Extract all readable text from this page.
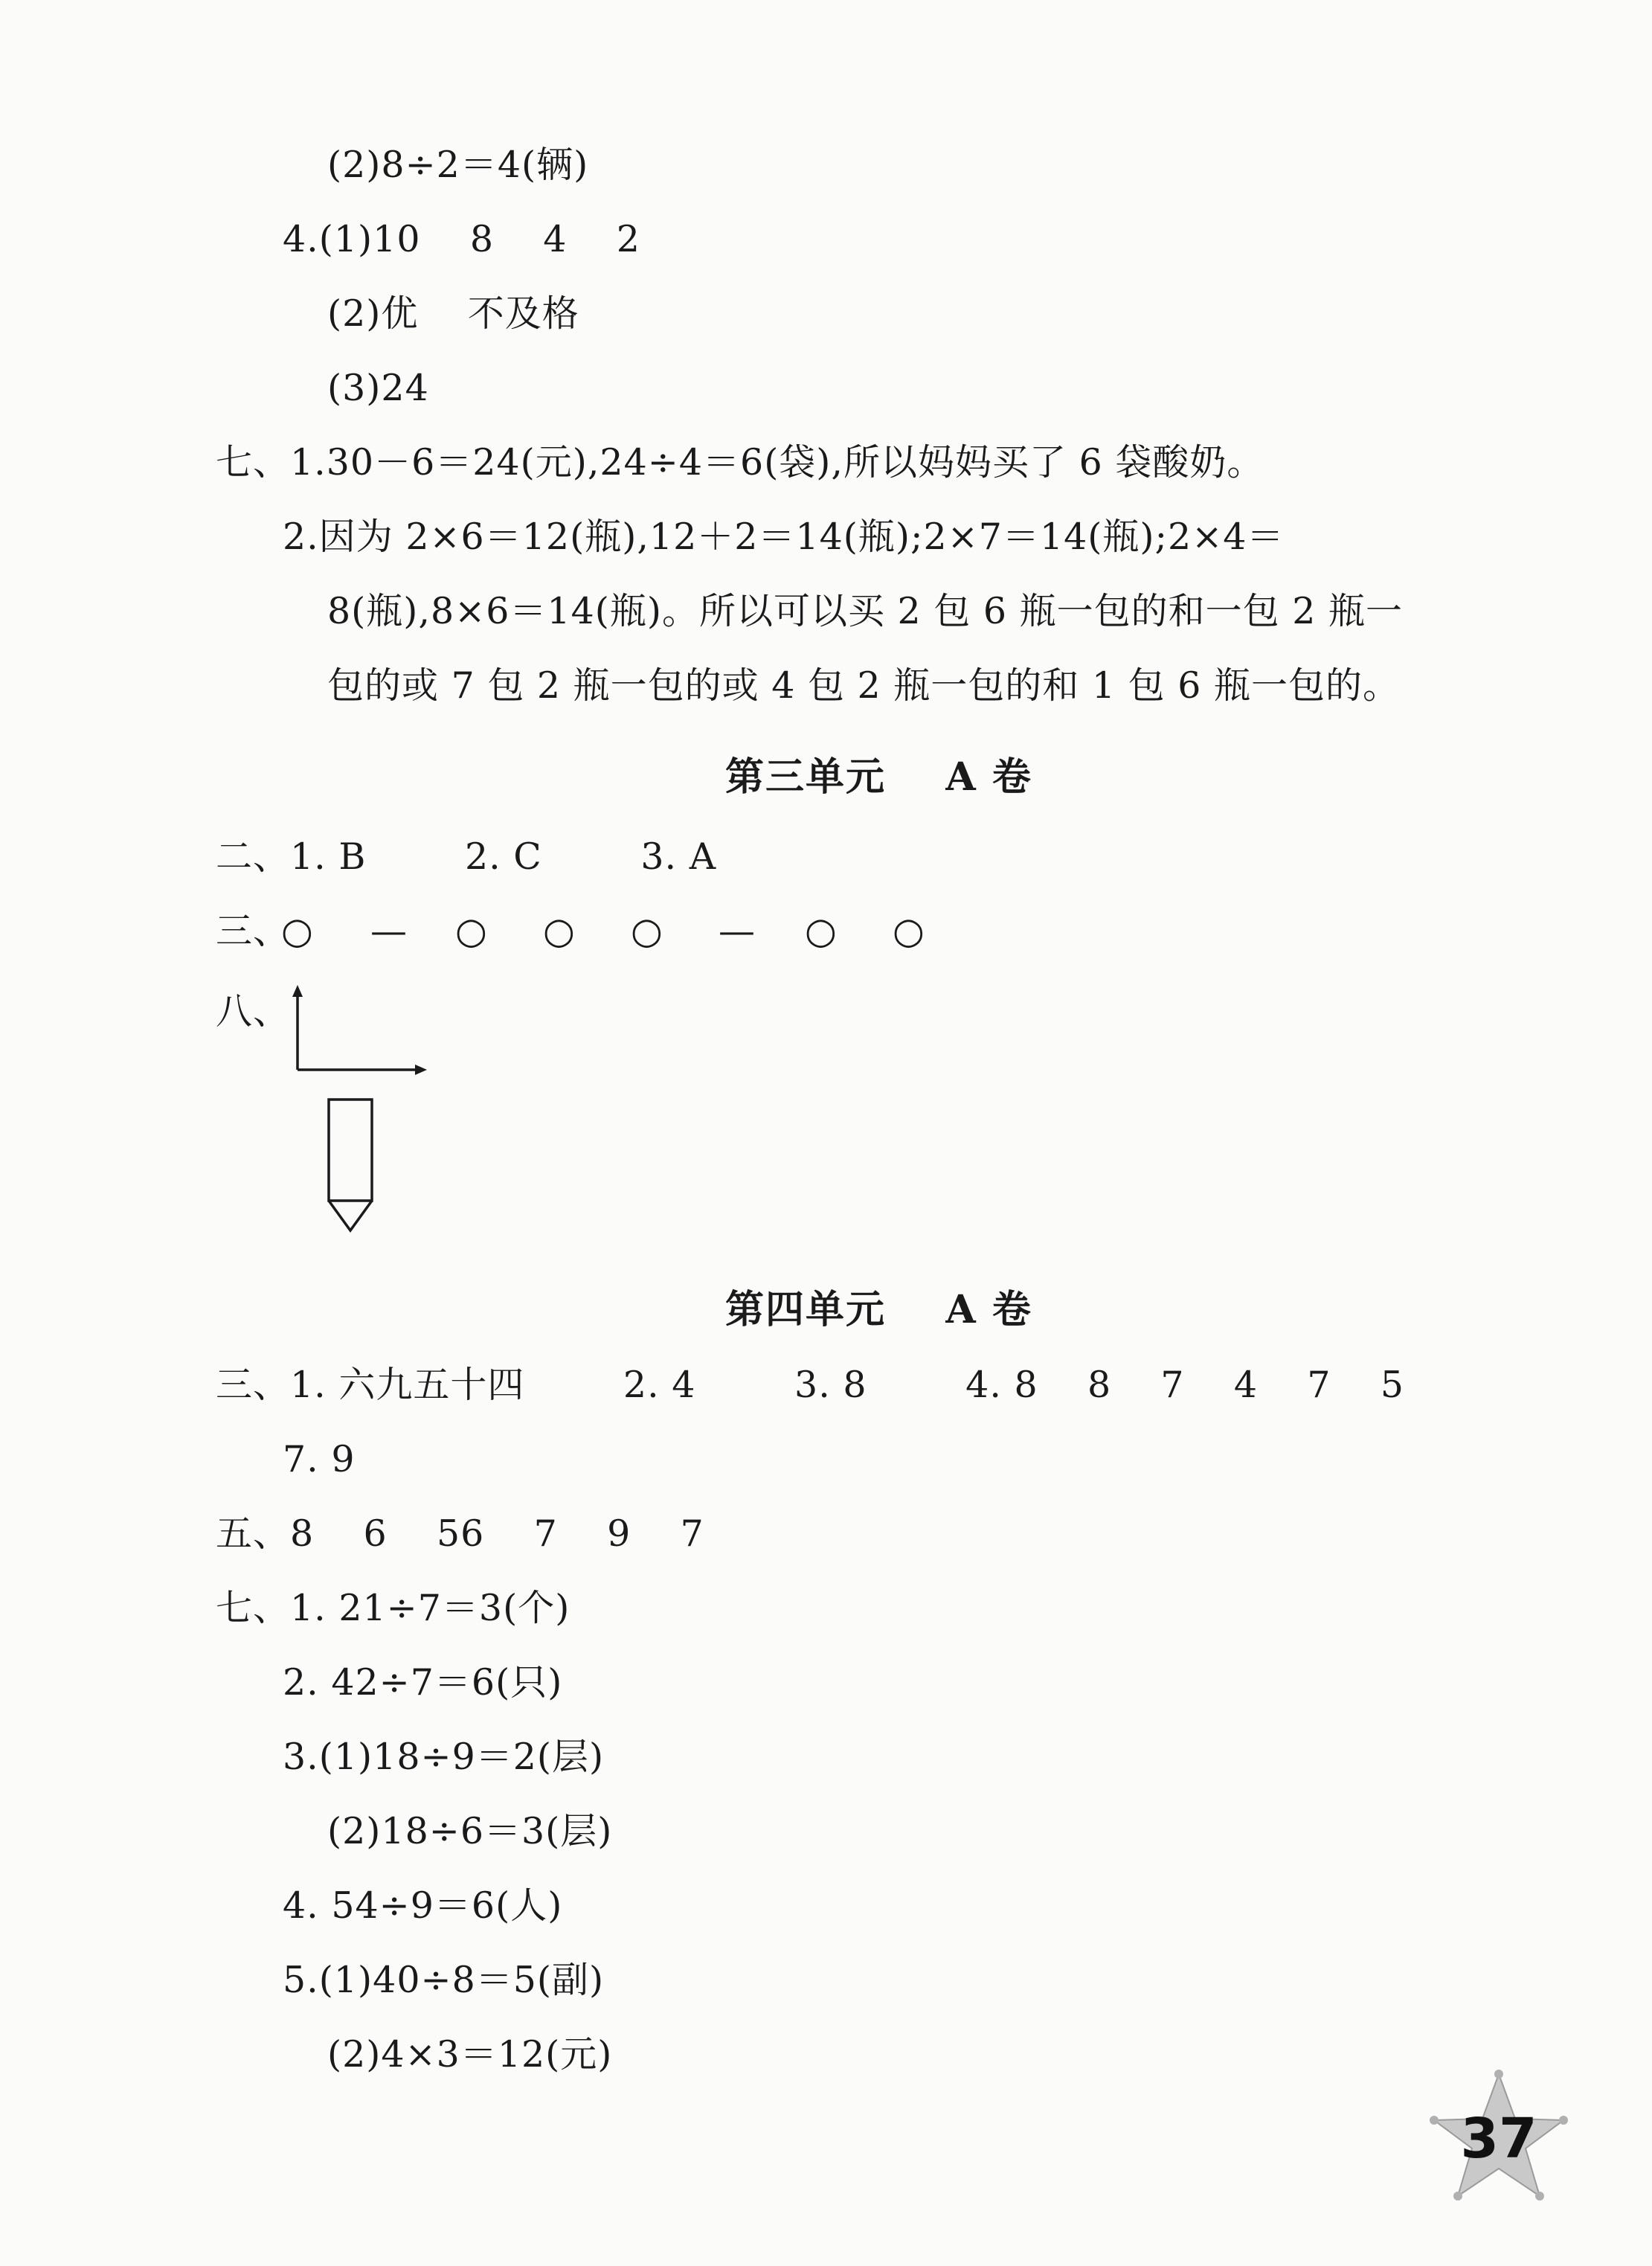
(2)8÷2＝4(辆)
4.(1)10    8    4    2
(2)优    不及格
(3)24
七、1.30－6＝24(元),24÷4＝6(袋),所以妈妈买了 6 袋酸奶。
2.因为 2×6＝12(瓶),12＋2＝14(瓶);2×7＝14(瓶);2×4＝
8(瓶),8×6＝14(瓶)。所以可以买 2 包 6 瓶一包的和一包 2 瓶一
包的或 7 包 2 瓶一包的或 4 包 2 瓶一包的和 1 包 6 瓶一包的。
第三单元    A 卷
二、1. B        2. C        3. A
三、
○ — ○ ○ ○ — ○ ○
八、
第四单元    A 卷
三、1. 六九五十四        2. 4        3. 8        4. 8    8    7    4    7    5
7. 9
五、8    6    56    7    9    7
七、1. 21÷7＝3(个)
2. 42÷7＝6(只)
3.(1)18÷9＝2(层)
(2)18÷6＝3(层)
4. 54÷9＝6(人)
5.(1)40÷8＝5(副)
(2)4×3＝12(元)
37
